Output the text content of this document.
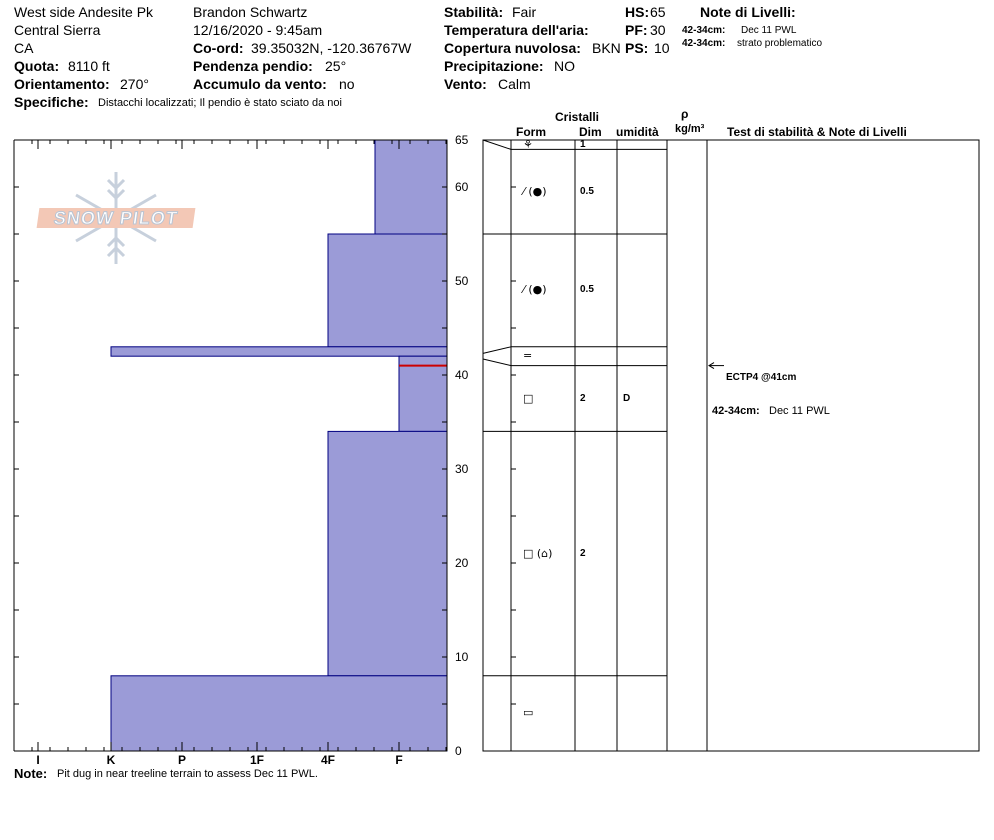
West side Andesite Pk
Central Sierra
CA
Quota: 8110 ft
Orientamento: 270°
Specifiche: Distacchi localizzati; Il pendio è stato sciato da noi
Brandon Schwartz
12/16/2020 - 9:45am
Co-ord: 39.35032N, -120.36767W
Pendenza pendio: 25°
Accumulo da vento: no
Stabilità: Fair
Temperatura dell'aria:
Copertura nuvolosa: BKN
Precipitazione: NO
Vento: Calm
HS: 65
PF: 30
PS: 10
Note di Livelli:
42-34cm: Dec 11 PWL
42-34cm: strato problematico
Cristalli
Form	Dim umidità
ρ
kg/m³ Test di stabilità & Note di Livelli
0
10
20
30
40
50
60
65
I	K	P	1F	4F	F
SNOW PILOT
ECTP4 @41cm
42-34cm: Dec 11 PWL
Note: Pit dug in near treeline terrain to assess Dec 11 PWL.
⚘	1
⁄ (●)	0.5
⁄ (●)	0.5
=
□	2	D
□ (⌂)	2
▭
